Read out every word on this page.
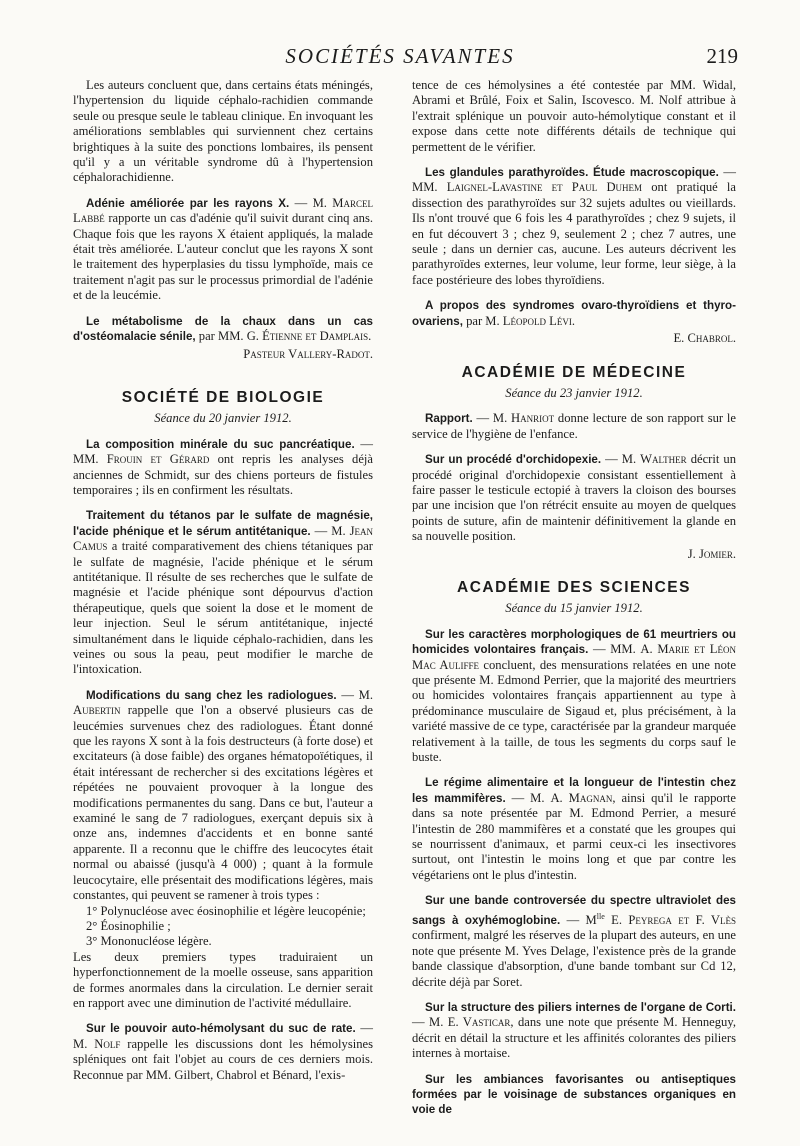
SOCIÉTÉS SAVANTES	219

Les auteurs concluent que, dans certains états méningés, l'hypertension du liquide céphalo-rachidien commande seule ou presque seule le tableau clinique. En invoquant les améliorations semblables qui surviennent chez certains brightiques à la suite des ponctions lombaires, ils pensent qu'il y a un véritable syndrome dû à l'hypertension céphalorachidienne.

Adénie améliorée par les rayons X. — M. Marcel Labbé rapporte un cas d'adénie qu'il suivit durant cinq ans. Chaque fois que les rayons X étaient appliqués, la malade était très améliorée. L'auteur conclut que les rayons X sont le traitement des hyperplasies du tissu lymphoïde, mais ce traitement n'agit pas sur le processus primordial de l'adénie et de la leucémie.

Le métabolisme de la chaux dans un cas d'ostéomalacie sénile, par MM. G. Étienne et Damplais.

Pasteur Vallery-Radot.

SOCIÉTÉ DE BIOLOGIE

Séance du 20 janvier 1912.

La composition minérale du suc pancréatique. — MM. Frouin et Gérard ont repris les analyses déjà anciennes de Schmidt, sur des chiens porteurs de fistules temporaires ; ils en confirment les résultats.

Traitement du tétanos par le sulfate de magnésie, l'acide phénique et le sérum antitétanique. — M. Jean Camus a traité comparativement des chiens tétaniques par le sulfate de magnésie, l'acide phénique et le sérum antitétanique. Il résulte de ses recherches que le sulfate de magnésie et l'acide phénique sont dépourvus d'action thérapeutique, quels que soient la dose et le moment de leur injection. Seul le sérum antitétanique, injecté simultanément dans le liquide céphalo-rachidien, dans les veines ou sous la peau, peut modifier le marche de l'intoxication.

Modifications du sang chez les radiologues. — M. Aubertin rappelle que l'on a observé plusieurs cas de leucémies survenues chez des radiologues. Étant donné que les rayons X sont à la fois destructeurs (à forte dose) et excitateurs (à dose faible) des organes hématopoïétiques, il était intéressant de rechercher si des excitations légères et répétées ne pouvaient provoquer à la longue des modifications permanentes du sang. Dans ce but, l'auteur a examiné le sang de 7 radiologues, exerçant depuis six à onze ans, indemnes d'accidents et en bonne santé apparente. Il a reconnu que le chiffre des leucocytes était normal ou abaissé (jusqu'à 4 000) ; quant à la formule leucocytaire, elle présentait des modifications légères, mais constantes, qui peuvent se ramener à trois types :

1° Polynucléose avec éosinophilie et légère leucopénie;

2° Éosinophilie ;

3° Mononucléose légère.

Les deux premiers types traduiraient un hyperfonctionnement de la moelle osseuse, sans apparition de formes anormales dans la circulation. Le dernier serait en rapport avec une diminution de l'activité médullaire.

Sur le pouvoir auto-hémolysant du suc de rate. — M. Nolf rappelle les discussions dont les hémolysines spléniques ont fait l'objet au cours de ces derniers mois. Reconnue par MM. Gilbert, Chabrol et Bénard, l'exis-

tence de ces hémolysines a été contestée par MM. Widal, Abrami et Brûlé, Foix et Salin, Iscovesco. M. Nolf attribue à l'extrait splénique un pouvoir auto-hémolytique constant et il expose dans cette note différents détails de technique qui permettent de le vérifier.

Les glandules parathyroïdes. Étude macroscopique. — MM. Laignel-Lavastine et Paul Duhem ont pratiqué la dissection des parathyroïdes sur 32 sujets adultes ou vieillards. Ils n'ont trouvé que 6 fois les 4 parathyroïdes ; chez 9 sujets, il en fut découvert 3 ; chez 9, seulement 2 ; chez 7 autres, une seule ; dans un dernier cas, aucune. Les auteurs décrivent les parathyroïdes externes, leur volume, leur forme, leur siège, à la face postérieure des lobes thyroïdiens.

A propos des syndromes ovaro-thyroïdiens et thyro-ovariens, par M. Léopold Lévi.

E. Chabrol.
ACADÉMIE DE MÉDECINE

Séance du 23 janvier 1912.

Rapport. — M. Hanriot donne lecture de son rapport sur le service de l'hygiène de l'enfance.

Sur un procédé d'orchidopexie. — M. Walther décrit un procédé original d'orchidopexie consistant essentiellement à faire passer le testicule ectopié à travers la cloison des bourses par une incision que l'on rétrécit ensuite au moyen de quelques points de suture, afin de maintenir définitivement la glande en sa nouvelle position.

J. Jomier.

ACADÉMIE DES SCIENCES

Séance du 15 janvier 1912.

Sur les caractères morphologiques de 61 meurtriers ou homicides volontaires français. — MM. A. Marie et Léon Mac Auliffe concluent, des mensurations relatées en une note que présente M. Edmond Perrier, que la majorité des meurtriers ou homicides volontaires français appartiennent au type à prédominance musculaire de Sigaud et, plus précisément, à la variété massive de ce type, caractérisée par la grandeur marquée relativement à la taille, de tous les segments du corps sauf le buste.

Le régime alimentaire et la longueur de l'intestin chez les mammifères. — M. A. Magnan, ainsi qu'il le rapporte dans sa note présentée par M. Edmond Perrier, a mesuré l'intestin de 280 mammifères et a constaté que les groupes qui se nourrissent d'animaux, et parmi ceux-ci les insectivores surtout, ont l'intestin le moins long et que par contre les végétariens ont le plus d'intestin.

Sur une bande controversée du spectre ultraviolet des sangs à oxyhémoglobine. — $M^{lle}$ E. Peyrega et F. Vlès confirment, malgré les réserves de la plupart des auteurs, en une note que présente M. Yves Delage, l'existence près de la grande bande classique d'absorption, d'une bande tombant sur Cd 12, décrite déjà par Soret.

Sur la structure des piliers internes de l'organe de Corti. — M. E. Vasticar, dans une note que présente M. Henneguy, décrit en détail la structure et les affinités colorantes des piliers internes à mortaise.

Sur les ambiances favorisantes ou antiseptiques formées par le voisinage de substances organiques en voie de
